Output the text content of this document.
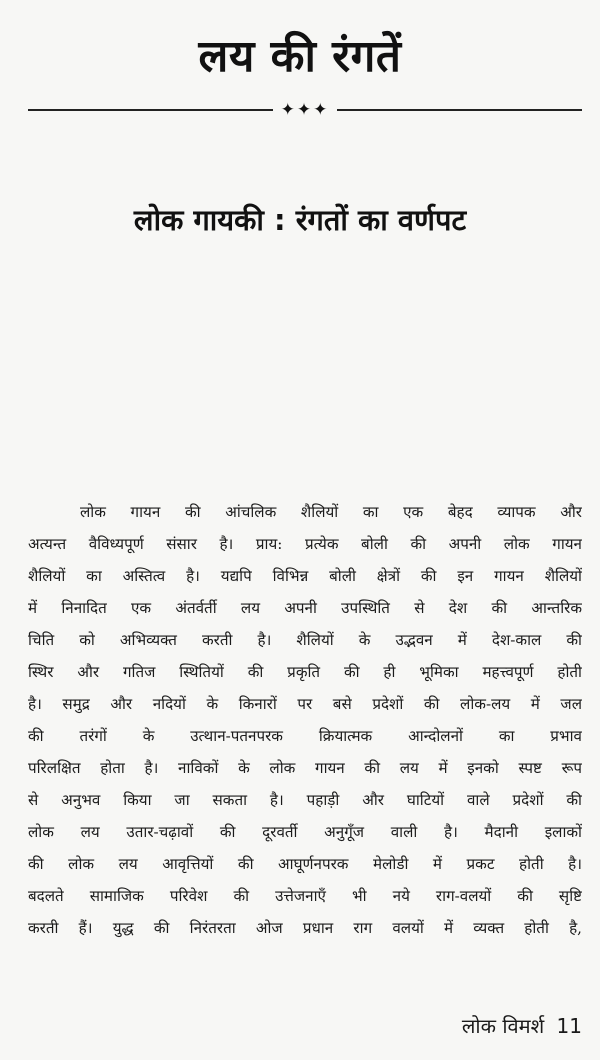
लय की रंगतें
✦✦✦
लोक गायकी : रंगतों का वर्णपट
लोक गायन की आंचलिक शैलियों का एक बेहद व्यापक और
अत्यन्त वैविध्यपूर्ण संसार है। प्राय: प्रत्येक बोली की अपनी लोक गायन
शैलियों का अस्तित्व है। यद्यपि विभिन्न बोली क्षेत्रों की इन गायन शैलियों
में निनादित एक अंतर्वर्ती लय अपनी उपस्थिति से देश की आन्तरिक
चिति को अभिव्यक्त करती है। शैलियों के उद्भवन में देश-काल की
स्थिर और गतिज स्थितियों की प्रकृति की ही भूमिका महत्त्वपूर्ण होती
है। समुद्र और नदियों के किनारों पर बसे प्रदेशों की लोक-लय में जल
की तरंगों के उत्थान-पतनपरक क्रियात्मक आन्दोलनों का प्रभाव
परिलक्षित होता है। नाविकों के लोक गायन की लय में इनको स्पष्ट रूप
से अनुभव किया जा सकता है। पहाड़ी और घाटियों वाले प्रदेशों की
लोक लय उतार-चढ़ावों की दूरवर्ती अनुगूँज वाली है। मैदानी इलाकों
की लोक लय आवृत्तियों की आघूर्णनपरक मेलोडी में प्रकट होती है।
बदलते सामाजिक परिवेश की उत्तेजनाएँ भी नये राग-वलयों की सृष्टि
करती हैं। युद्ध की निरंतरता ओज प्रधान राग वलयों में व्यक्त होती है,
लोक विमर्श 11
